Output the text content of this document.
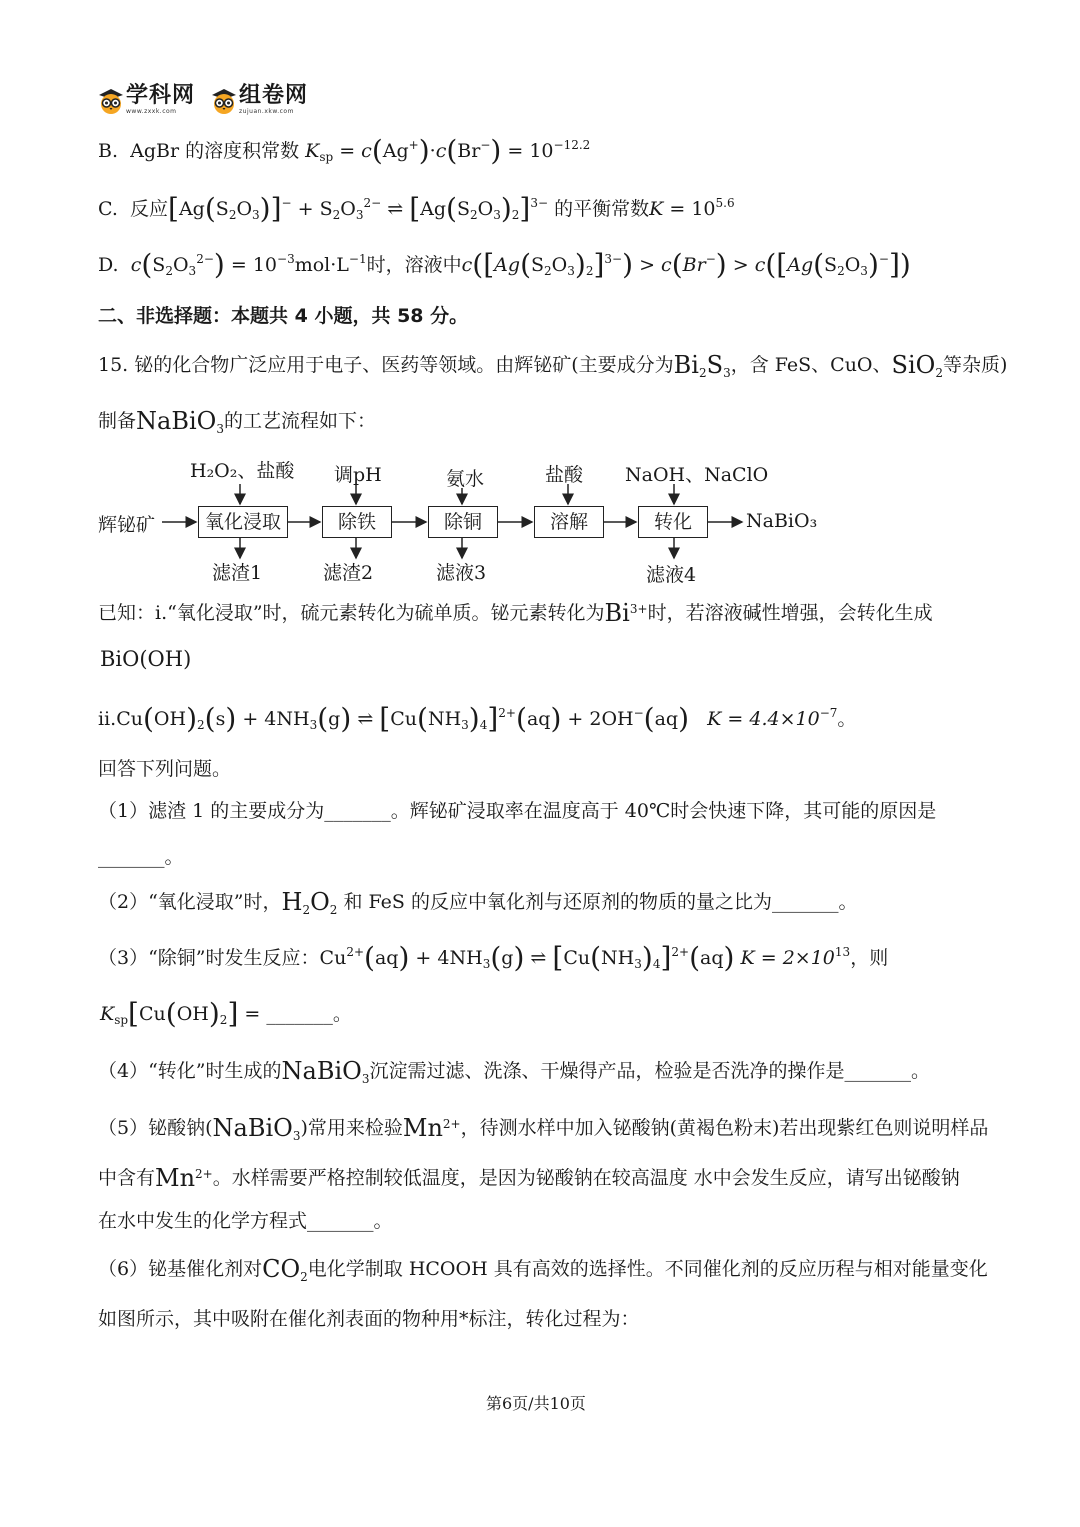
学科网
www.zxxk.com
组卷网
zujuan.xkw.com
B. AgBr 的溶度积常数 $K_{sp} = c(Ag^+)\cdot c(Br^-) = 10^{-12.2}$
C. 反应$[Ag(S_2O_3)]^- + S_2O_3^{2-}$ ⇌ $[Ag(S_2O_3)_2]^{3-}$ 的平衡常数$K = 10^{5.6}$
D. $c(S_2O_3^{2-}) = 10^{-3}mol\cdot L^{-1}$时，溶液中$c([Ag(S_2O_3)_2]^{3-}) > c(Br^-) > c([Ag(S_2O_3)^-])$
二、非选择题：本题共 4 小题，共 58 分。
15. 铋的化合物广泛应用于电子、医药等领域。由辉铋矿(主要成分为$Bi_2S_3$，含 FeS、CuO、SiO$_2$等杂质)
制备NaBiO$_3$的工艺流程如下：
辉铋矿	氧化浸取	除铁	除铜	溶解	转化
H₂O₂、盐酸 调pH	氨水	盐酸 NaOH、NaClO
滤渣1	滤渣2	滤液3	滤液4
NaBiO₃
已知：ⅰ.“氧化浸取”时，硫元素转化为硫单质。铋元素转化为$Bi^{3+}$时，若溶液碱性增强，会转化生成
BiO(OH)
$ⅱ.Cu(OH)_2(s) + 4NH_3(g)$ ⇌ $[Cu(NH_3)_4]^{2+}(aq) + 2OH^-(aq) K = 4.4\times 10^{-7}$。
回答下列问题。
（1）滤渣 1 的主要成分为_______。辉铋矿浸取率在温度高于 40℃时会快速下降，其可能的原因是
_______。
（2）“氧化浸取”时，$H_2O_2$ 和 FeS 的反应中氧化剂与还原剂的物质的量之比为_______。
（3）“除铜”时发生反应：$Cu^{2+}(aq) + 4NH_3(g)$ ⇌ $[Cu(NH_3)_4]^{2+}(aq) K = 2\times 10^{13}$，则
$K_{sp}[Cu(OH)_2]$ = _______。
（4）“转化”时生成的NaBiO$_3$沉淀需过滤、洗涤、干燥得产品，检验是否洗净的操作是_______。
（5）铋酸钠(NaBiO$_3$)常用来检验$Mn^{2+}$，待测水样中加入铋酸钠(黄褐色粉末)若出现紫红色则说明样品
中含有$Mn^{2+}$。水样需要严格控制较低温度，是因为铋酸钠在较高温度 水中会发生反应，请写出铋酸钠
在水中发生的化学方程式_______。
（6）铋基催化剂对$CO_2$电化学制取 HCOOH 具有高效的选择性。不同催化剂的反应历程与相对能量变化
如图所示，其中吸附在催化剂表面的物种用*标注，转化过程为：
第6页/共10页
